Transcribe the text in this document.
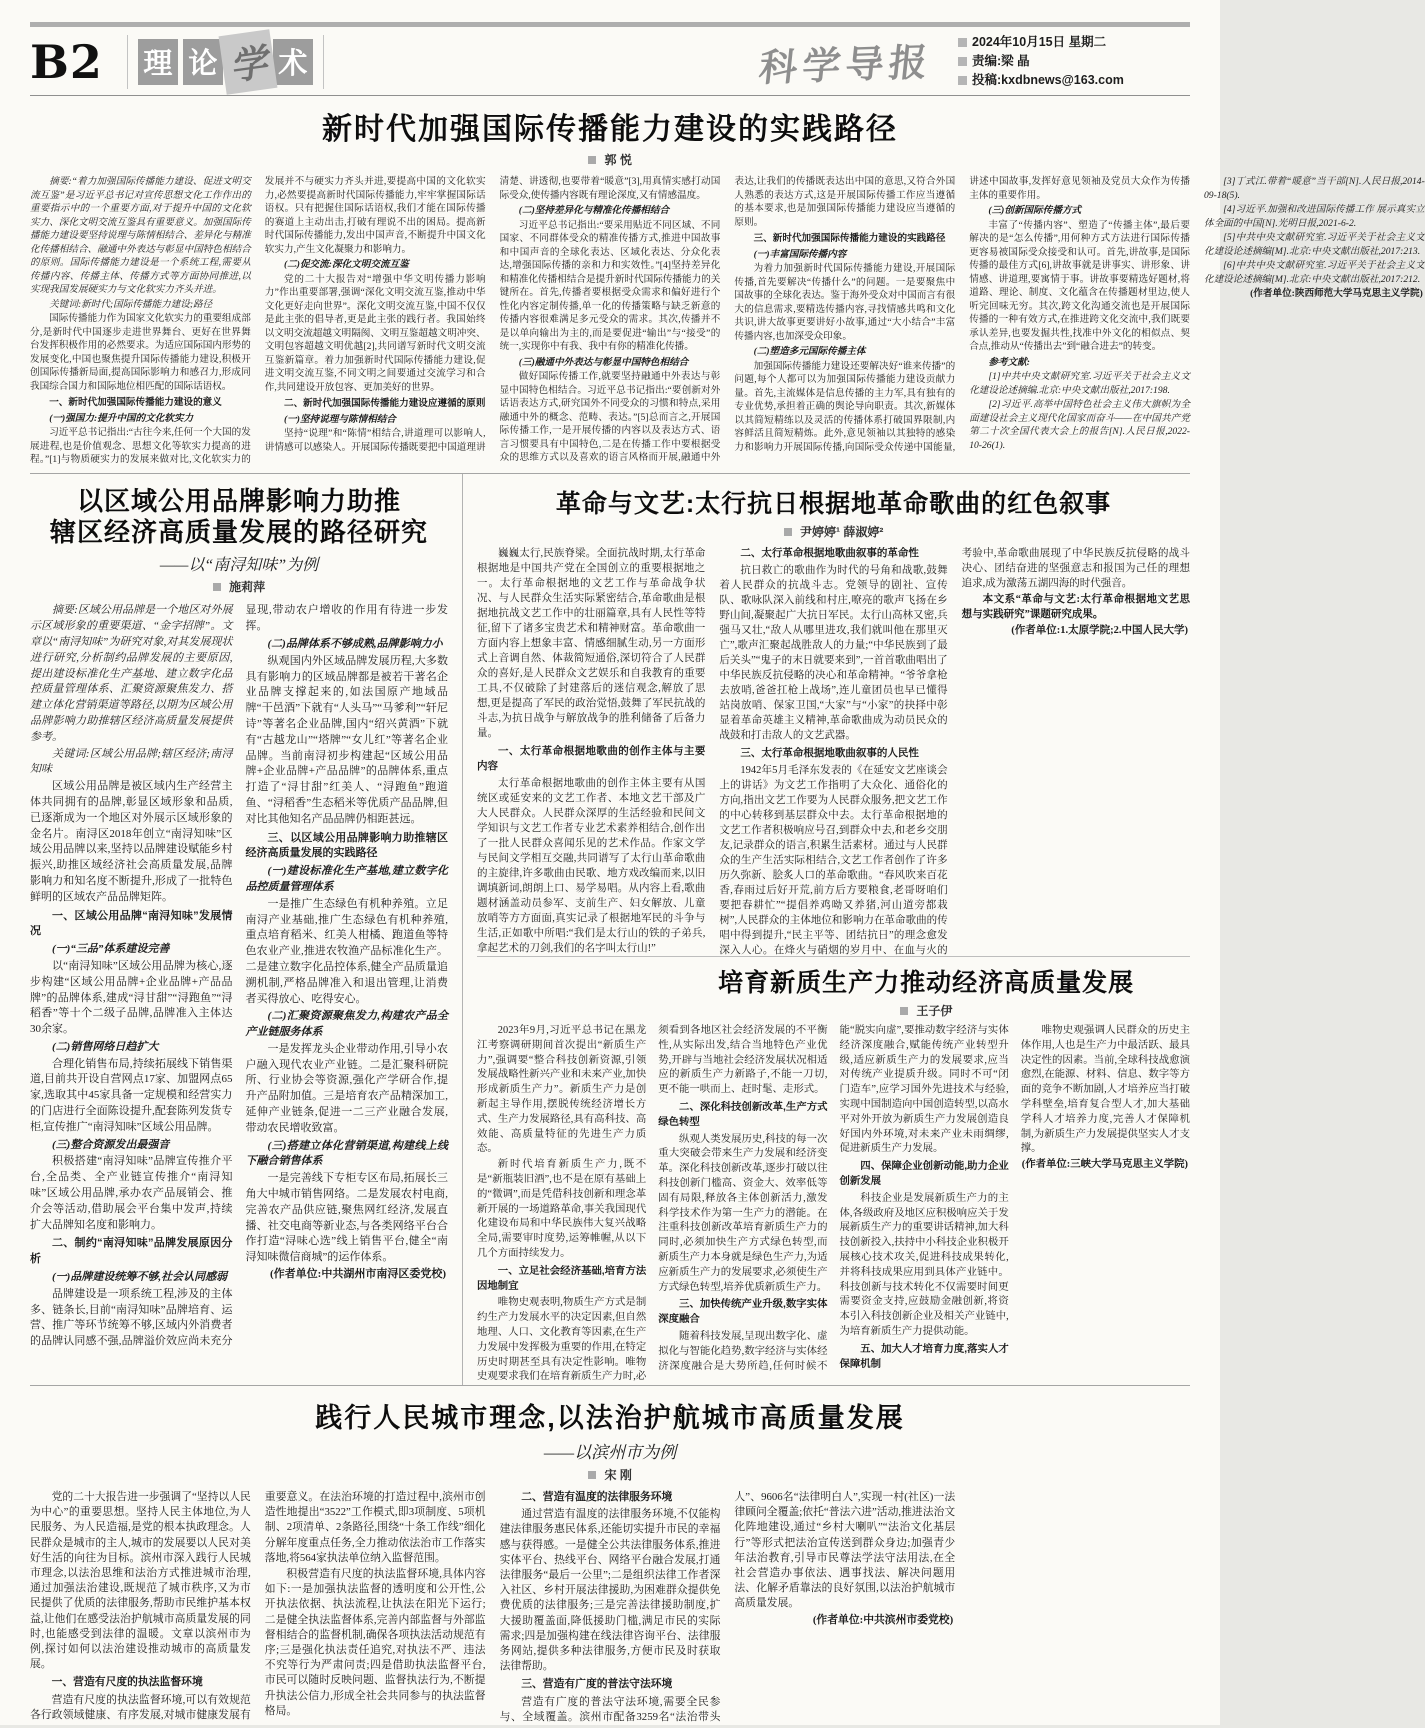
B2	理 论 学 术	科学导报	2024年10月15日 星期二
责编:梁 晶
投稿:kxdbnews@163.com
新时代加强国际传播能力建设的实践路径
郭 悦

摘要:“着力加强国际传播能力建设、促进文明交流互鉴”是习近平总书记对宣传思想文化工作作出的重要指示中的一个重要方面,对于提升中国的文化软实力、深化文明交流互鉴具有重要意义。加强国际传播能力建设要坚持说理与陈情相结合、差异化与精准化传播相结合、融通中外表达与彰显中国特色相结合的原则。国际传播能力建设是一个系统工程,需要从传播内容、传播主体、传播方式等方面协同推进,以实现我国发展硬实力与文化软实力齐头并进。

关键词:新时代;国际传播能力建设;路径

国际传播能力作为国家文化软实力的重要组成部分,是新时代中国逐步走进世界舞台、更好在世界舞台发挥积极作用的必然要求。为适应国际国内形势的发展变化,中国也聚焦提升国际传播能力建设,积极开创国际传播新局面,提高国际影响力和感召力,形成同我国综合国力和国际地位相匹配的国际话语权。

一、新时代加强国际传播能力建设的意义

(一)强国力:提升中国的文化软实力

习近平总书记指出:“古往今来,任何一个大国的发展进程,也是价值观念、思想文化等软实力提高的进程。”[1]与物质硬实力的发展来做对比,文化软实力的发展并不与硬实力齐头并进,要提高中国的文化软实力,必然要提高新时代国际传播能力,牢牢掌握国际话语权。只有把握住国际话语权,我们才能在国际传播的赛道上主动出击,打破有理说不出的困局。提高新时代国际传播能力,发出中国声音,不断提升中国文化软实力,产生文化凝聚力和影响力。

(二)促交流:深化文明交流互鉴

党的二十大报告对“增强中华文明传播力影响力”作出重要部署,强调“深化文明交流互鉴,推动中华文化更好走向世界”。深化文明交流互鉴,中国不仅仅是此主张的倡导者,更是此主张的践行者。我国始终以文明交流超越文明隔阂、文明互鉴超越文明冲突、文明包容超越文明优越[2],共同谱写新时代文明交流互鉴新篇章。着力加强新时代国际传播能力建设,促进文明交流互鉴,不同文明之间要通过交流学习和合作,共同建设开放包容、更加美好的世界。

二、新时代加强国际传播能力建设应遵循的原则

(一)坚持说理与陈情相结合

坚持“说理”和“陈情”相结合,讲道理可以影响人,讲情感可以感染人。开展国际传播既要把中国道理讲清楚、讲透彻,也要带着“暖意”[3],用真情实感打动国际受众,使传播内容既有理论深度,又有情感温度。

(二)坚持差异化与精准化传播相结合

习近平总书记指出:“要采用贴近不同区域、不同国家、不同群体受众的精准传播方式,推进中国故事和中国声音的全球化表达、区域化表达、分众化表达,增强国际传播的亲和力和实效性。”[4]坚持差异化和精准化传播相结合是提升新时代国际传播能力的关键所在。首先,传播者要根据受众需求和偏好进行个性化内容定制传播,单一化的传播策略与缺乏新意的传播内容很难满足多元受众的需求。其次,传播并不是以单向输出为主的,而是要促进“输出”与“接受”的统一,实现你中有我、我中有你的精准化传播。

(三)融通中外表达与彰显中国特色相结合

做好国际传播工作,就要坚持融通中外表达与彰显中国特色相结合。习近平总书记指出:“要创新对外话语表达方式,研究国外不同受众的习惯和特点,采用融通中外的概念、范畴、表达。”[5]总而言之,开展国际传播工作,一是开展传播的内容以及表达方式、语言习惯要具有中国特色,二是在传播工作中要根据受众的思维方式以及喜欢的语言风格而开展,融通中外表达,让我们的传播既表达出中国的意思,又符合外国人熟悉的表达方式,这是开展国际传播工作应当遵循的基本要求,也是加强国际传播能力建设应当遵循的原则。

三、新时代加强国际传播能力建设的实践路径

(一)丰富国际传播内容

为着力加强新时代国际传播能力建设,开展国际传播,首先要解决“传播什么”的问题。一是要聚焦中国故事的全球化表达。鉴于海外受众对中国而言有很大的信息需求,要精选传播内容,寻找情感共鸣和文化共识,讲大故事更要讲好小故事,通过“大小结合”丰富传播内容,也加深受众印象。

(二)塑造多元国际传播主体

加强国际传播能力建设还要解决好“谁来传播”的问题,每个人都可以为加强国际传播能力建设贡献力量。首先,主流媒体是信息传播的主力军,具有独有的专业优势,承担着正确的舆论导向职责。其次,新媒体以其简短精练以及灵活的传播体系打破国界限制,内容鲜活且简短精炼。此外,意见领袖以其独特的感染力和影响力开展国际传播,向国际受众传递中国能量,讲述中国故事,发挥好意见领袖及党员大众作为传播主体的重要作用。

(三)创新国际传播方式

丰富了“传播内容”、塑造了“传播主体”,最后要解决的是“怎么传播”,用何种方式方法进行国际传播更容易被国际受众接受和认可。首先,讲故事,是国际传播的最佳方式[6],讲故事就是讲事实、讲形象、讲情感、讲道理,要寓情于事。讲故事要精选好题材,将道路、理论、制度、文化蕴含在传播题材里边,使人听完回味无穷。其次,跨文化沟通交流也是开展国际传播的一种有效方式,在推进跨文化交流中,我们既要承认差异,也要发掘共性,找准中外文化的相似点、契合点,推动从“传播出去”到“融合进去”的转变。

参考文献:

[1]中共中央文献研究室.习近平关于社会主义文化建设论述摘编.北京:中央文献出版社,2017:198.

[2]习近平.高举中国特色社会主义伟大旗帜为全面建设社会主义现代化国家而奋斗——在中国共产党第二十次全国代表大会上的报告[N].人民日报,2022-10-26(1).

[3]丁式江.带着“暖意”当干部[N].人民日报,2014-09-18(5).

[4]习近平.加强和改进国际传播工作 展示真实立体全面的中国[N].光明日报,2021-6-2.

[5]中共中央文献研究室.习近平关于社会主义文化建设论述摘编[M].北京:中央文献出版社,2017:213.

[6]中共中央文献研究室.习近平关于社会主义文化建设论述摘编[M].北京:中央文献出版社,2017:212.

(作者单位:陕西师范大学马克思主义学院)

以区域公用品牌影响力助推
辖区经济高质量发展的路径研究
——以“南浔知味”为例
施莉萍

摘要:区域公用品牌是一个地区对外展示区域形象的重要渠道、“金字招牌”。文章以“南浔知味”为研究对象,对其发展现状进行研究,分析制约品牌发展的主要原因,提出建设标准化生产基地、建立数字化品控质量管理体系、汇聚资源聚焦发力、搭建立体化营销渠道等路径,以期为区域公用品牌影响力助推辖区经济高质量发展提供参考。

关键词:区域公用品牌;辖区经济;南浔知味

区域公用品牌是被区域内生产经营主体共同拥有的品牌,彰显区域形象和品质,已逐渐成为一个地区对外展示区域形象的金名片。南浔区2018年创立“南浔知味”区域公用品牌以来,坚持以品牌建设赋能乡村振兴,助推区域经济社会高质量发展,品牌影响力和知名度不断提升,形成了一批特色鲜明的区域农产品品牌矩阵。

一、区域公用品牌“南浔知味”发展情况

(一)“三品”体系建设完善

以“南浔知味”区域公用品牌为核心,逐步构建“区域公用品牌+企业品牌+产品品牌”的品牌体系,建成“浔甘甜”“浔跑鱼”“浔稻香”等十个二级子品牌,品牌准入主体达30余家。

(二)销售网络日趋扩大

合理化销售布局,持续拓展线下销售渠道,目前共开设自营网点17家、加盟网点65家,选取其中45家具备一定规模和经营实力的门店进行全面陈设提升,配套陈列发货专柜,宣传推广“南浔知味”区域公用品牌。

(三)整合资源发出最强音

积极搭建“南浔知味”品牌宣传推介平台,全品类、全产业链宣传推介“南浔知味”区域公用品牌,承办农产品展销会、推介会等活动,借助展会平台集中发声,持续扩大品牌知名度和影响力。

二、制约“南浔知味”品牌发展原因分析

(一)品牌建设统筹不够,社会认同感弱

品牌建设是一项系统工程,涉及的主体多、链条长,目前“南浔知味”品牌培育、运营、推广等环节统筹不够,区域内外消费者的品牌认同感不强,品牌溢价效应尚未充分显现,带动农户增收的作用有待进一步发挥。

(二)品牌体系不够成熟,品牌影响力小

纵观国内外区域品牌发展历程,大多数具有影响力的区域品牌都是被若干著名企业品牌支撑起来的,如法国原产地域品牌“干邑酒”下就有“人头马”“马爹利”“轩尼诗”等著名企业品牌,国内“绍兴黄酒”下就有“古越龙山”“塔牌”“女儿红”等著名企业品牌。当前南浔初步构建起“区域公用品牌+企业品牌+产品品牌”的品牌体系,重点打造了“浔甘甜”红美人、“浔跑鱼”跑道鱼、“浔稻香”生态稻米等优质产品品牌,但对比其他知名产品品牌仍相距甚远。

三、以区域公用品牌影响力助推辖区经济高质量发展的实践路径

(一)建设标准化生产基地,建立数字化品控质量管理体系

一是推广生态绿色有机种养殖。立足南浔产业基础,推广生态绿色有机种养殖,重点培育稻米、红美人柑橘、跑道鱼等特色农业产业,推进农牧渔产品标准化生产。二是建立数字化品控体系,健全产品质量追溯机制,严格品牌准入和退出管理,让消费者买得放心、吃得安心。

(二)汇聚资源聚焦发力,构建农产品全产业链服务体系

一是发挥龙头企业带动作用,引导小农户融入现代农业产业链。二是汇聚科研院所、行业协会等资源,强化产学研合作,提升产品附加值。三是培育农产品精深加工,延伸产业链条,促进一二三产业融合发展,带动农民增收致富。

(三)搭建立体化营销渠道,构建线上线下融合销售体系

一是完善线下专柜专区布局,拓展长三角大中城市销售网络。二是发展农村电商,完善农产品供应链,聚焦网红经济,发展直播、社交电商等新业态,与各类网络平台合作打造“浔味心选”线上销售平台,健全“南浔知味微信商城”的运作体系。

(作者单位:中共湖州市南浔区委党校)

革命与文艺:太行抗日根据地革命歌曲的红色叙事
尹婷婷¹ 薛淑婷²

巍巍太行,民族脊梁。全面抗战时期,太行革命根据地是中国共产党在全国创立的重要根据地之一。太行革命根据地的文艺工作与革命战争状况、与人民群众生活实际紧密结合,革命歌曲是根据地抗战文艺工作中的壮丽篇章,具有人民性等特征,留下了诸多宝贵艺术和精神财富。革命歌曲一方面内容上想象丰富、情感细腻生动,另一方面形式上音调自然、体裁简短通俗,深切符合了人民群众的喜好,是人民群众文艺娱乐和自我教育的重要工具,不仅破除了封建落后的迷信观念,解放了思想,更是提高了军民的政治觉悟,鼓舞了军民抗战的斗志,为抗日战争与解放战争的胜利储备了后备力量。

一、太行革命根据地歌曲的创作主体与主要内容

太行革命根据地歌曲的创作主体主要有从国统区或延安来的文艺工作者、本地文艺干部及广大人民群众。人民群众深厚的生活经验和民间文学知识与文艺工作者专业艺术素养相结合,创作出了一批人民群众喜闻乐见的艺术作品。作家文学与民间文学相互交融,共同谱写了太行山革命歌曲的主旋律,许多歌曲由民歌、地方戏改编而来,以旧调填新词,朗朗上口、易学易唱。从内容上看,歌曲题材涵盖动员参军、支前生产、妇女解放、儿童放哨等方方面面,真实记录了根据地军民的斗争与生活,正如歌中所唱:“我们是太行山的铁的子弟兵,拿起艺术的刀剑,我们的名字叫太行山!”

二、太行革命根据地歌曲叙事的革命性

抗日救亡的歌曲作为时代的号角和战歌,鼓舞着人民群众的抗战斗志。党领导的剧社、宣传队、歌咏队深入前线和村庄,嘹亮的歌声飞扬在乡野山间,凝聚起广大抗日军民。太行山高林又密,兵强马又壮,“敌人从哪里进攻,我们就叫他在那里灭亡”,歌声汇聚起战胜敌人的力量;“中华民族到了最后关头”“鬼子的末日就要来到”,一首首歌曲唱出了中华民族反抗侵略的决心和革命精神。“爷爷拿枪去放哨,爸爸扛枪上战场”,连儿童团员也早已懂得站岗放哨、保家卫国,“大家”与“小家”的抉择中彰显着革命英雄主义精神,革命歌曲成为动员民众的战鼓和打击敌人的文艺武器。

三、太行革命根据地歌曲叙事的人民性

1942年5月毛泽东发表的《在延安文艺座谈会上的讲话》为文艺工作指明了大众化、通俗化的方向,指出文艺工作要为人民群众服务,把文艺工作的中心转移到基层群众中去。太行革命根据地的文艺工作者积极响应号召,到群众中去,和老乡交朋友,记录群众的语言,积累生活素材。通过与人民群众的生产生活实际相结合,文艺工作者创作了许多历久弥新、脍炙人口的革命歌曲。“春风吹来百花香,春雨过后好开荒,前方后方要粮食,老哥呀咱们要把春耕忙”“提倡养鸡呦又养猪,河山道旁都栽树”,人民群众的主体地位和影响力在革命歌曲的传唱中得到提升,“民主平等、团结抗日”的理念愈发深入人心。在烽火与硝烟的岁月中、在血与火的考验中,革命歌曲展现了中华民族反抗侵略的战斗决心、团结奋进的坚强意志和报国为己任的理想追求,成为激荡五湖四海的时代强音。

本文系“革命与文艺:太行革命根据地文艺思想与实践研究”课题研究成果。

(作者单位:1.太原学院;2.中国人民大学)

培育新质生产力推动经济高质量发展
王子伊

2023年9月,习近平总书记在黑龙江考察调研期间首次提出“新质生产力”,强调要“整合科技创新资源,引领发展战略性新兴产业和未来产业,加快形成新质生产力”。新质生产力是创新起主导作用,摆脱传统经济增长方式、生产力发展路径,具有高科技、高效能、高质量特征的先进生产力质态。

新时代培育新质生产力,既不是“新瓶装旧酒”,也不是在原有基础上的“微调”,而是凭借科技创新和理念革新开展的一场道路革命,事关我国现代化建设布局和中华民族伟大复兴战略全局,需要审时度势,运筹帷幄,从以下几个方面持续发力。

一、立足社会经济基础,培育方法因地制宜

唯物史观表明,物质生产方式是制约生产力发展水平的决定因素,但自然地理、人口、文化教育等因素,在生产力发展中发挥极为重要的作用,在特定历史时期甚至具有决定性影响。唯物史观要求我们在培育新质生产力时,必须看到各地区社会经济发展的不平衡性,从实际出发,结合当地特色产业优势,开辟与当地社会经济发展状况相适应的新质生产力新路子,不能一刀切,更不能一哄而上、赶时髦、走形式。

二、深化科技创新改革,生产方式绿色转型

纵观人类发展历史,科技的每一次重大突破会带来生产力发展和经济变革。深化科技创新改革,逐步打破以往科技创新门槛高、资金大、效率低等固有局限,释放各主体创新活力,激发科学技术作为第一生产力的潜能。在注重科技创新改革培育新质生产力的同时,必须加快生产方式绿色转型,而新质生产力本身就是绿色生产力,为适应新质生产力的发展要求,必须使生产方式绿色转型,培养优质新质生产力。

三、加快传统产业升级,数字实体深度融合

随着科技发展,呈现出数字化、虚拟化与智能化趋势,数字经济与实体经济深度融合是大势所趋,任何时候不能“脱实向虚”,要推动数字经济与实体经济深度融合,赋能传统产业转型升级,适应新质生产力的发展要求,应当对传统产业提质升级。同时不可“闭门造车”,应学习国外先进技术与经验,实现中国制造向中国创造转型,以高水平对外开放为新质生产力发展创造良好国内外环境,对未来产业未雨绸缪,促进新质生产力发展。

四、保障企业创新动能,助力企业创新发展

科技企业是发展新质生产力的主体,各级政府及地区应积极响应关于发展新质生产力的重要讲话精神,加大科技创新投入,扶持中小科技企业积极开展核心技术攻关,促进科技成果转化,并将科技成果应用到具体产业链中。科技创新与技术转化不仅需要时间更需要资金支持,应鼓励金融创新,将资本引入科技创新企业及相关产业链中,为培育新质生产力提供动能。

五、加大人才培育力度,落实人才保障机制

唯物史观强调人民群众的历史主体作用,人也是生产力中最活跃、最具决定性的因素。当前,全球科技战愈演愈烈,在能源、材料、信息、数字等方面的竞争不断加剧,人才培养应当打破学科壁垒,培育复合型人才,加大基础学科人才培养力度,完善人才保障机制,为新质生产力发展提供坚实人才支撑。

(作者单位:三峡大学马克思主义学院)

践行人民城市理念,以法治护航城市高质量发展
——以滨州市为例
宋 刚

党的二十大报告进一步强调了“坚持以人民为中心”的重要思想。坚持人民主体地位,为人民服务、为人民造福,是党的根本执政理念。人民群众是城市的主人,城市的发展要以人民对美好生活的向往为目标。滨州市深入践行人民城市理念,以法治思维和法治方式推进城市治理,通过加强法治建设,既规范了城市秩序,又为市民提供了优质的法律服务,帮助市民维护基本权益,让他们在感受法治护航城市高质量发展的同时,也能感受到法律的温暖。文章以滨州市为例,探讨如何以法治建设推动城市的高质量发展。

一、营造有尺度的执法监督环境

营造有尺度的执法监督环境,可以有效规范各行政领域健康、有序发展,对城市健康发展有重要意义。在法治环境的打造过程中,滨州市创造性地提出“3522”工作模式,即3项制度、5项机制、2项清单、2条路径,围绕“十条工作线”细化分解年度重点任务,全力推动依法治市工作落实落地,将564家执法单位纳入监督范围。

积极营造有尺度的执法监督环境,具体内容如下:一是加强执法监督的透明度和公开性,公开执法依据、执法流程,让执法在阳光下运行;二是健全执法监督体系,完善内部监督与外部监督相结合的监督机制,确保各项执法活动规范有序;三是强化执法责任追究,对执法不严、违法不究等行为严肃问责;四是借助执法监督平台,市民可以随时反映问题、监督执法行为,不断提升执法公信力,形成全社会共同参与的执法监督格局。

二、营造有温度的法律服务环境

通过营造有温度的法律服务环境,不仅能构建法律服务惠民体系,还能切实提升市民的幸福感与获得感。一是健全公共法律服务体系,推进实体平台、热线平台、网络平台融合发展,打通法律服务“最后一公里”;二是组织法律工作者深入社区、乡村开展法律援助,为困难群众提供免费优质的法律服务;三是完善法律援助制度,扩大援助覆盖面,降低援助门槛,满足市民的实际需求;四是加强构建在线法律咨询平台、法律服务网站,提供多种法律服务,方便市民及时获取法律帮助。

三、营造有广度的普法守法环境

营造有广度的普法守法环境,需要全民参与、全域覆盖。滨州市配备3259名“法治带头人”、9606名“法律明白人”,实现一村(社区)一法律顾问全覆盖;依托“普法六进”活动,推进法治文化阵地建设,通过“乡村大喇叭”“法治文化基层行”等形式把法治宣传送到群众身边;加强青少年法治教育,引导市民尊法学法守法用法,在全社会营造办事依法、遇事找法、解决问题用法、化解矛盾靠法的良好氛围,以法治护航城市高质量发展。

(作者单位:中共滨州市委党校)
